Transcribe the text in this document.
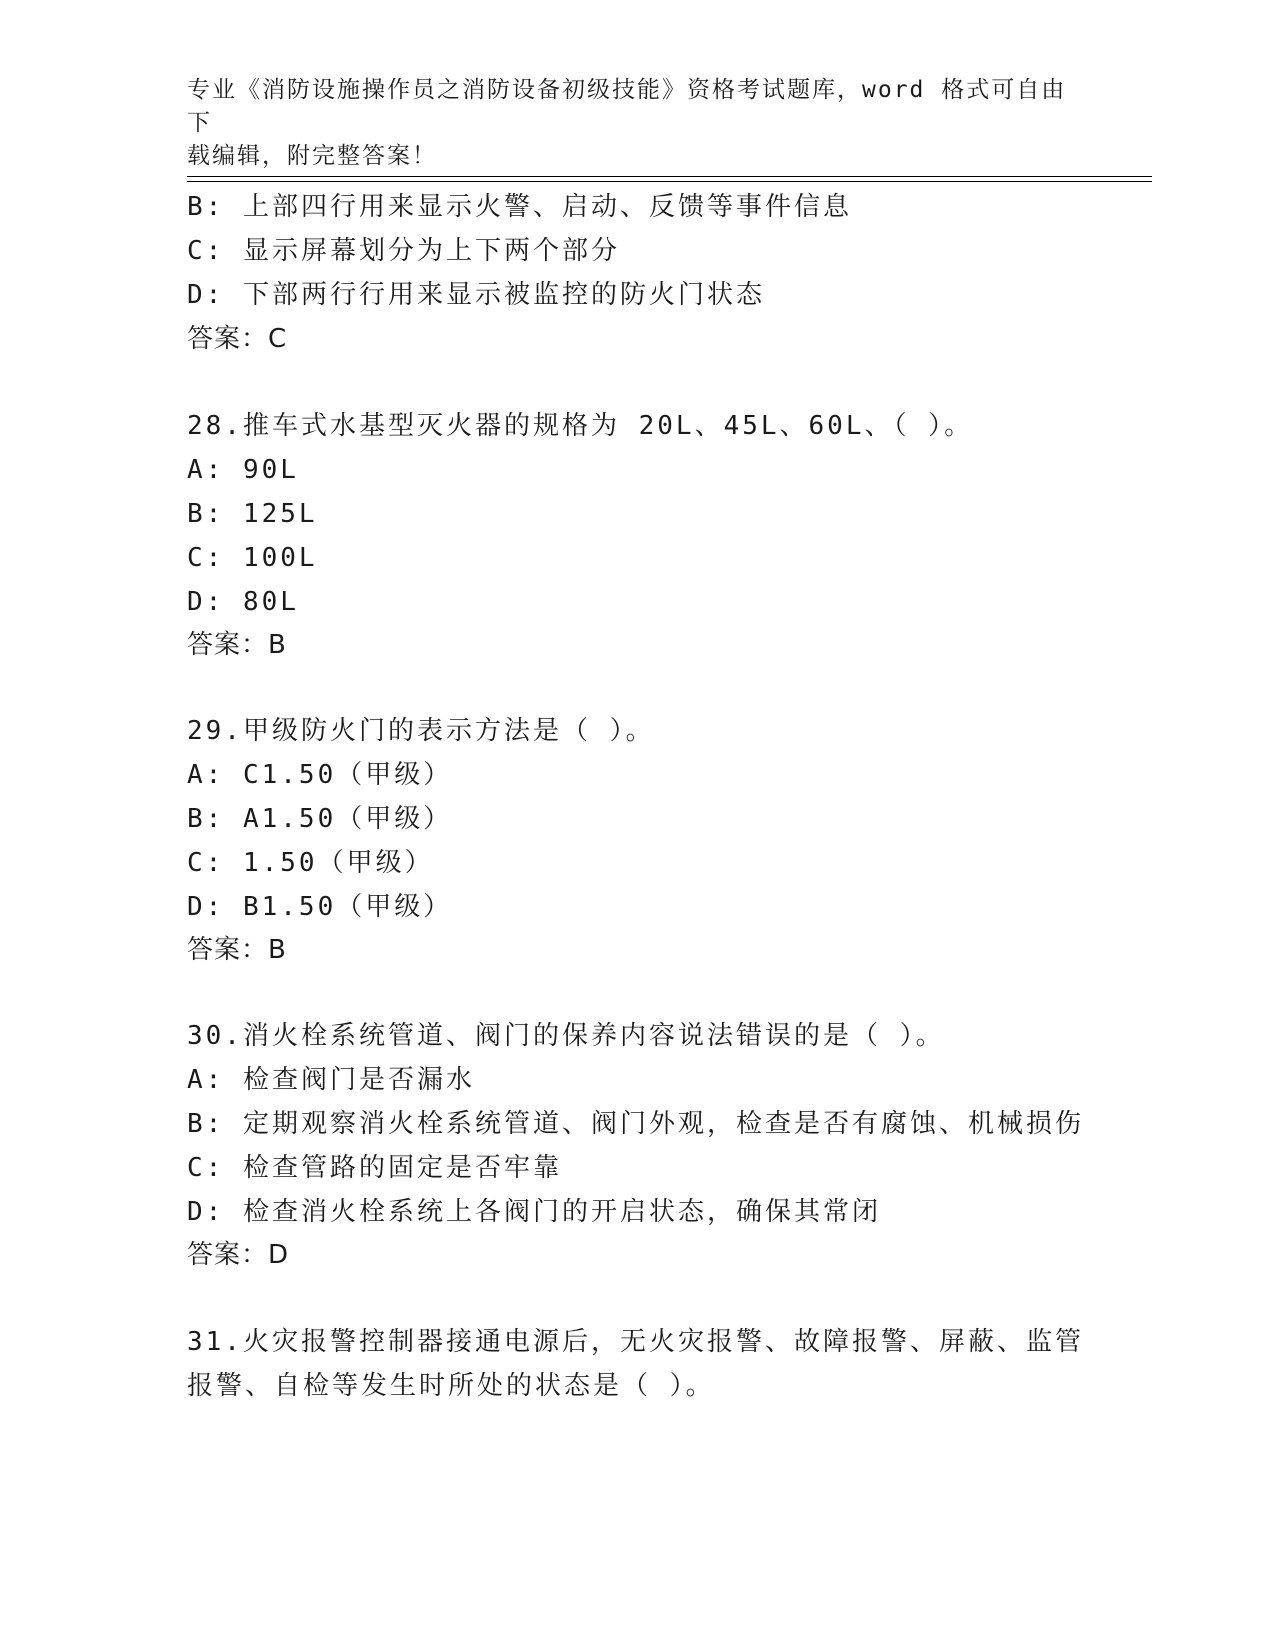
专业《消防设施操作员之消防设备初级技能》资格考试题库，word 格式可自由下
载编辑，附完整答案！
B: 上部四行用来显示火警、启动、反馈等事件信息
C: 显示屏幕划分为上下两个部分
D: 下部两行行用来显示被监控的防火门状态
答案：C
28.推车式水基型灭火器的规格为 20L、45L、60L、（ ）。
A: 90L
B: 125L
C: 100L
D: 80L
答案：B
29.甲级防火门的表示方法是（ ）。
A: C1.50（甲级）
B: A1.50（甲级）
C: 1.50（甲级）
D: B1.50（甲级）
答案：B
30.消火栓系统管道、阀门的保养内容说法错误的是（ ）。
A: 检查阀门是否漏水
B: 定期观察消火栓系统管道、阀门外观，检查是否有腐蚀、机械损伤
C: 检查管路的固定是否牢靠
D: 检查消火栓系统上各阀门的开启状态，确保其常闭
答案：D
31.火灾报警控制器接通电源后，无火灾报警、故障报警、屏蔽、监管
报警、自检等发生时所处的状态是（ ）。
